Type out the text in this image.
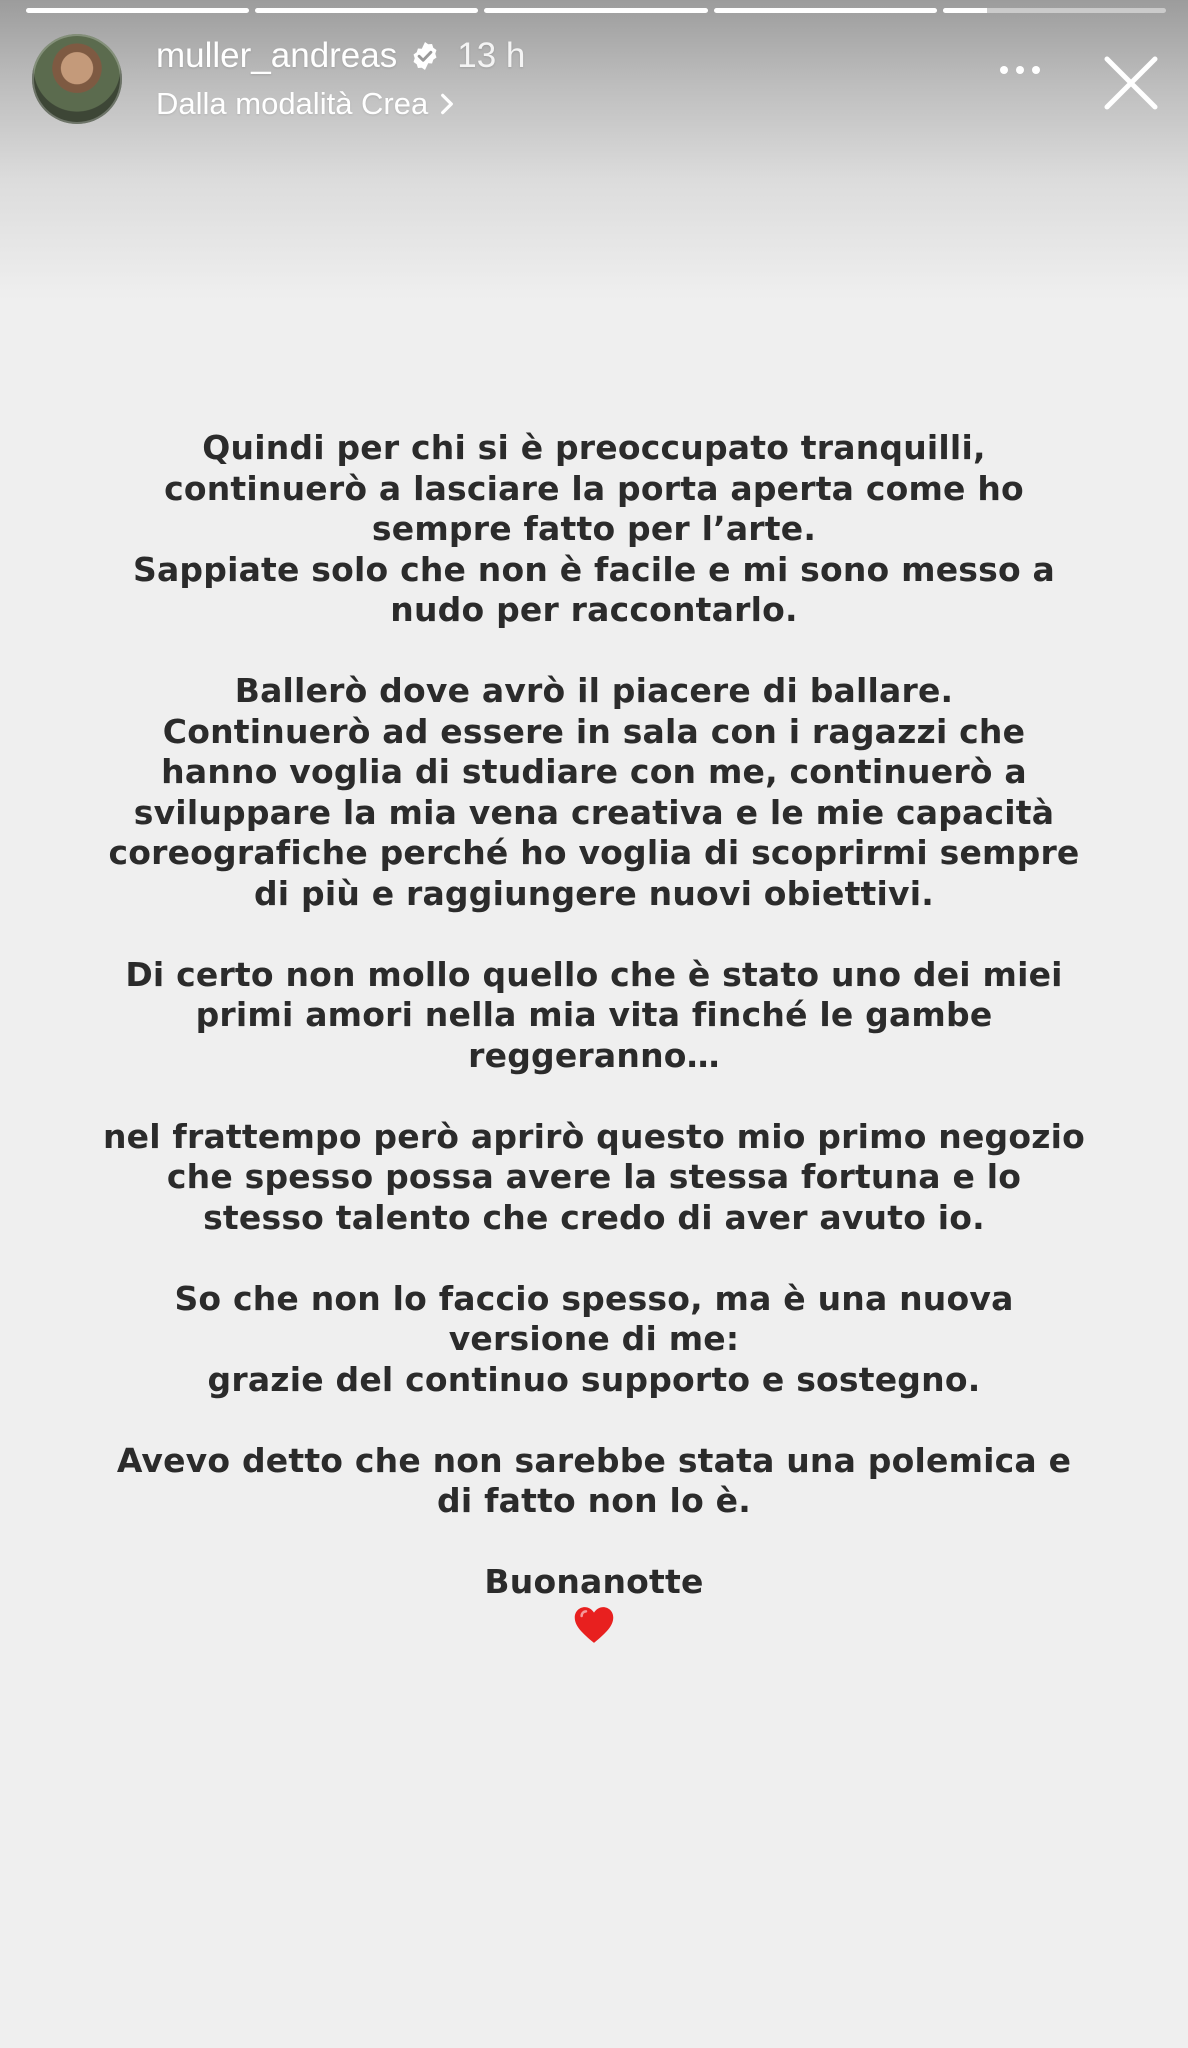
muller_andreas 13 h
Dalla modalità Crea
Quindi per chi si è preoccupato tranquilli,
continuerò a lasciare la porta aperta come ho
sempre fatto per l’arte.
Sappiate solo che non è facile e mi sono messo a
nudo per raccontarlo.
Ballerò dove avrò il piacere di ballare.
Continuerò ad essere in sala con i ragazzi che
hanno voglia di studiare con me, continuerò a
sviluppare la mia vena creativa e le mie capacità
coreografiche perché ho voglia di scoprirmi sempre
di più e raggiungere nuovi obiettivi.
Di certo non mollo quello che è stato uno dei miei
primi amori nella mia vita finché le gambe
reggeranno…
nel frattempo però aprirò questo mio primo negozio
che spesso possa avere la stessa fortuna e lo
stesso talento che credo di aver avuto io.
So che non lo faccio spesso, ma è una nuova
versione di me:
grazie del continuo supporto e sostegno.
Avevo detto che non sarebbe stata una polemica e
di fatto non lo è.
Buonanotte
